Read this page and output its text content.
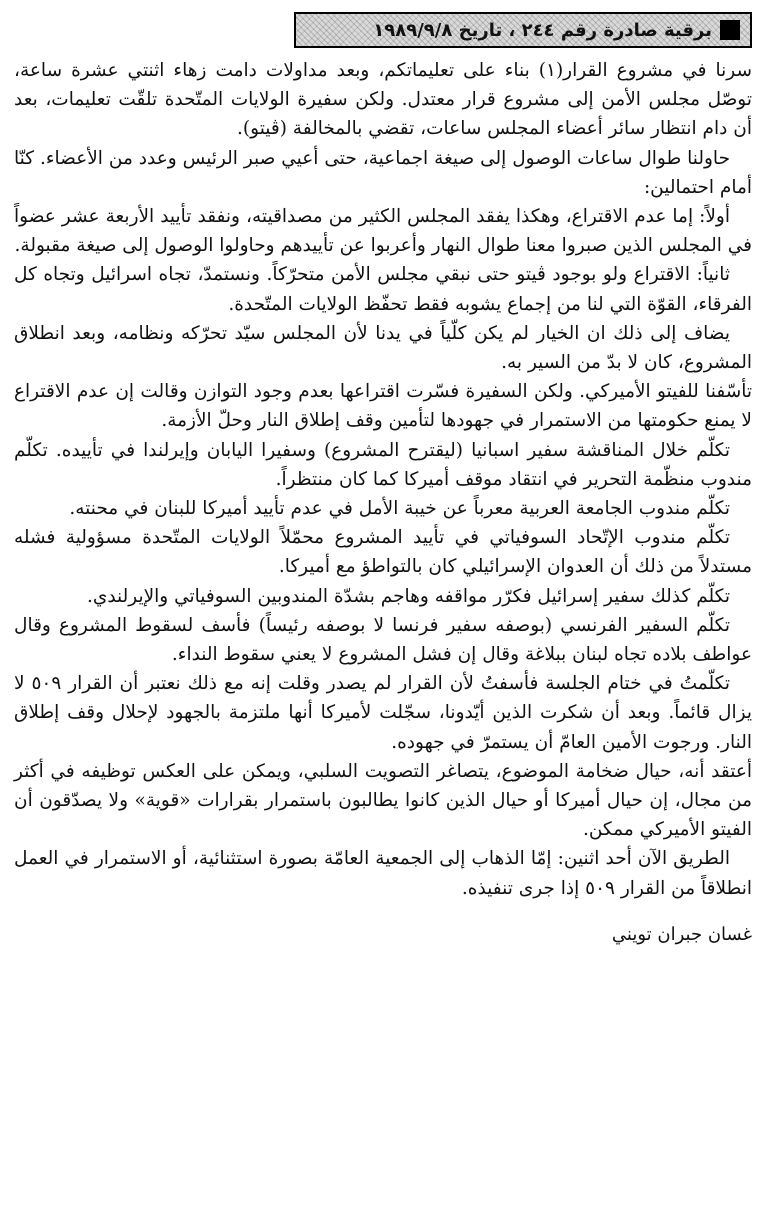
برقية صادرة رقم ٢٤٤ ، تاريخ ١٩٨٩/٩/٨

سرنا في مشروع القرار(١) بناء على تعليماتكم، وبعد مداولات دامت زهاء اثنتي عشرة ساعة، توصّل مجلس الأمن إلى مشروع قرار معتدل. ولكن سفيرة الولايات المتّحدة تلقّت تعليمات، بعد أن دام انتظار سائر أعضاء المجلس ساعات، تقضي بالمخالفة (ڤيتو).

حاولنا طوال ساعات الوصول إلى صيغة اجماعية، حتى أعيي صبر الرئيس وعدد من الأعضاء. كنّا أمام احتمالين:

أولاً: إما عدم الاقتراع، وهكذا يفقد المجلس الكثير من مصداقيته، ونفقد تأييد الأربعة عشر عضواً في المجلس الذين صبروا معنا طوال النهار وأعربوا عن تأييدهم وحاولوا الوصول إلى صيغة مقبولة.

ثانياً: الاقتراع ولو بوجود ڤيتو حتى نبقي مجلس الأمن متحرّكاً. ونستمدّ، تجاه اسرائيل وتجاه كل الفرقاء، القوّة التي لنا من إجماع يشوبه فقط تحفّظ الولايات المتّحدة.

يضاف إلى ذلك ان الخيار لم يكن كلّياً في يدنا لأن المجلس سيّد تحرّكه ونظامه، وبعد انطلاق المشروع، كان لا بدّ من السير به.

تأسّفنا للفيتو الأميركي. ولكن السفيرة فسّرت اقتراعها بعدم وجود التوازن وقالت إن عدم الاقتراع لا يمنع حكومتها من الاستمرار في جهودها لتأمين وقف إطلاق النار وحلّ الأزمة.

تكلّم خلال المناقشة سفير اسبانيا (ليقترح المشروع) وسفيرا اليابان وإيرلندا في تأييده. تكلّم مندوب منظّمة التحرير في انتقاد موقف أميركا كما كان منتظراً.

تكلّم مندوب الجامعة العربية معرباً عن خيبة الأمل في عدم تأييد أميركا للبنان في محنته.

تكلّم مندوب الإتّحاد السوفياتي في تأييد المشروع محمّلاً الولايات المتّحدة مسؤولية فشله مستدلاً من ذلك أن العدوان الإسرائيلي كان بالتواطؤ مع أميركا.

تكلّم كذلك سفير إسرائيل فكرّر مواقفه وهاجم بشدّة المندوبين السوفياتي والإيرلندي.

تكلّم السفير الفرنسي (بوصفه سفير فرنسا لا بوصفه رئيساً) فأسف لسقوط المشروع وقال عواطف بلاده تجاه لبنان ببلاغة وقال إن فشل المشروع لا يعني سقوط النداء.

تكلّمتُ في ختام الجلسة فأسفتُ لأن القرار لم يصدر وقلت إنه مع ذلك نعتبر أن القرار ٥٠٩ لا يزال قائماً. وبعد أن شكرت الذين أيّدونا، سجّلت لأميركا أنها ملتزمة بالجهود لإحلال وقف إطلاق النار. ورجوت الأمين العامّ أن يستمرّ في جهوده.

أعتقد أنه، حيال ضخامة الموضوع، يتصاغر التصويت السلبي، ويمكن على العكس توظيفه في أكثر من مجال، إن حيال أميركا أو حيال الذين كانوا يطالبون باستمرار بقرارات «قوية» ولا يصدّقون أن الفيتو الأميركي ممكن.

الطريق الآن أحد اثنين: إمّا الذهاب إلى الجمعية العامّة بصورة استثنائية، أو الاستمرار في العمل انطلاقاً من القرار ٥٠٩ إذا جرى تنفيذه.

غسان جبران تويني
